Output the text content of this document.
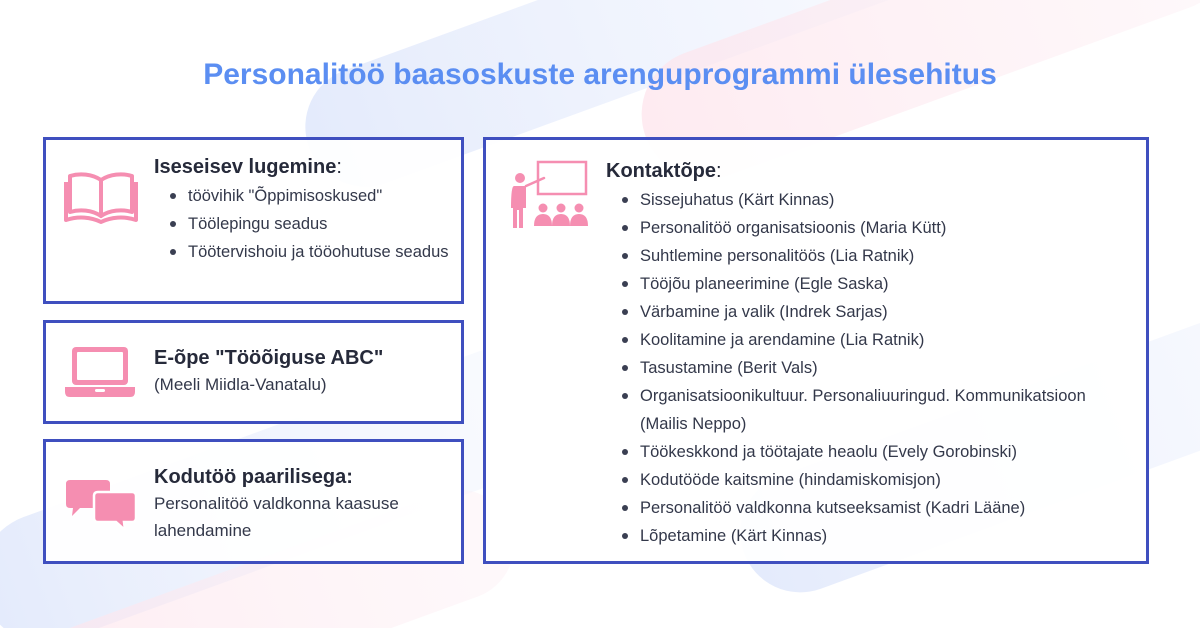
Personalitöö baasoskuste arenguprogrammi ülesehitus
Iseseisev lugemine:
töövihik "Õppimisoskused"
Töölepingu seadus
Töötervishoiu ja tööohutuse seadus
E-õpe "Tööõiguse ABC"
(Meeli Miidla-Vanatalu)
Kodutöö paarilisega:
Personalitöö valdkonna kaasuse lahendamine
Kontaktõpe:
Sissejuhatus (Kärt Kinnas)
Personalitöö organisatsioonis (Maria Kütt)
Suhtlemine personalitöös (Lia Ratnik)
Tööjõu planeerimine (Egle Saska)
Värbamine ja valik (Indrek Sarjas)
Koolitamine ja arendamine (Lia Ratnik)
Tasustamine (Berit Vals)
Organisatsioonikultuur. Personaliuuringud. Kommunikatsioon (Mailis Neppo)
Töökeskkond ja töötajate heaolu (Evely Gorobinski)
Kodutööde kaitsmine (hindamiskomisjon)
Personalitöö valdkonna kutseeksamist (Kadri Lääne)
Lõpetamine (Kärt Kinnas)
